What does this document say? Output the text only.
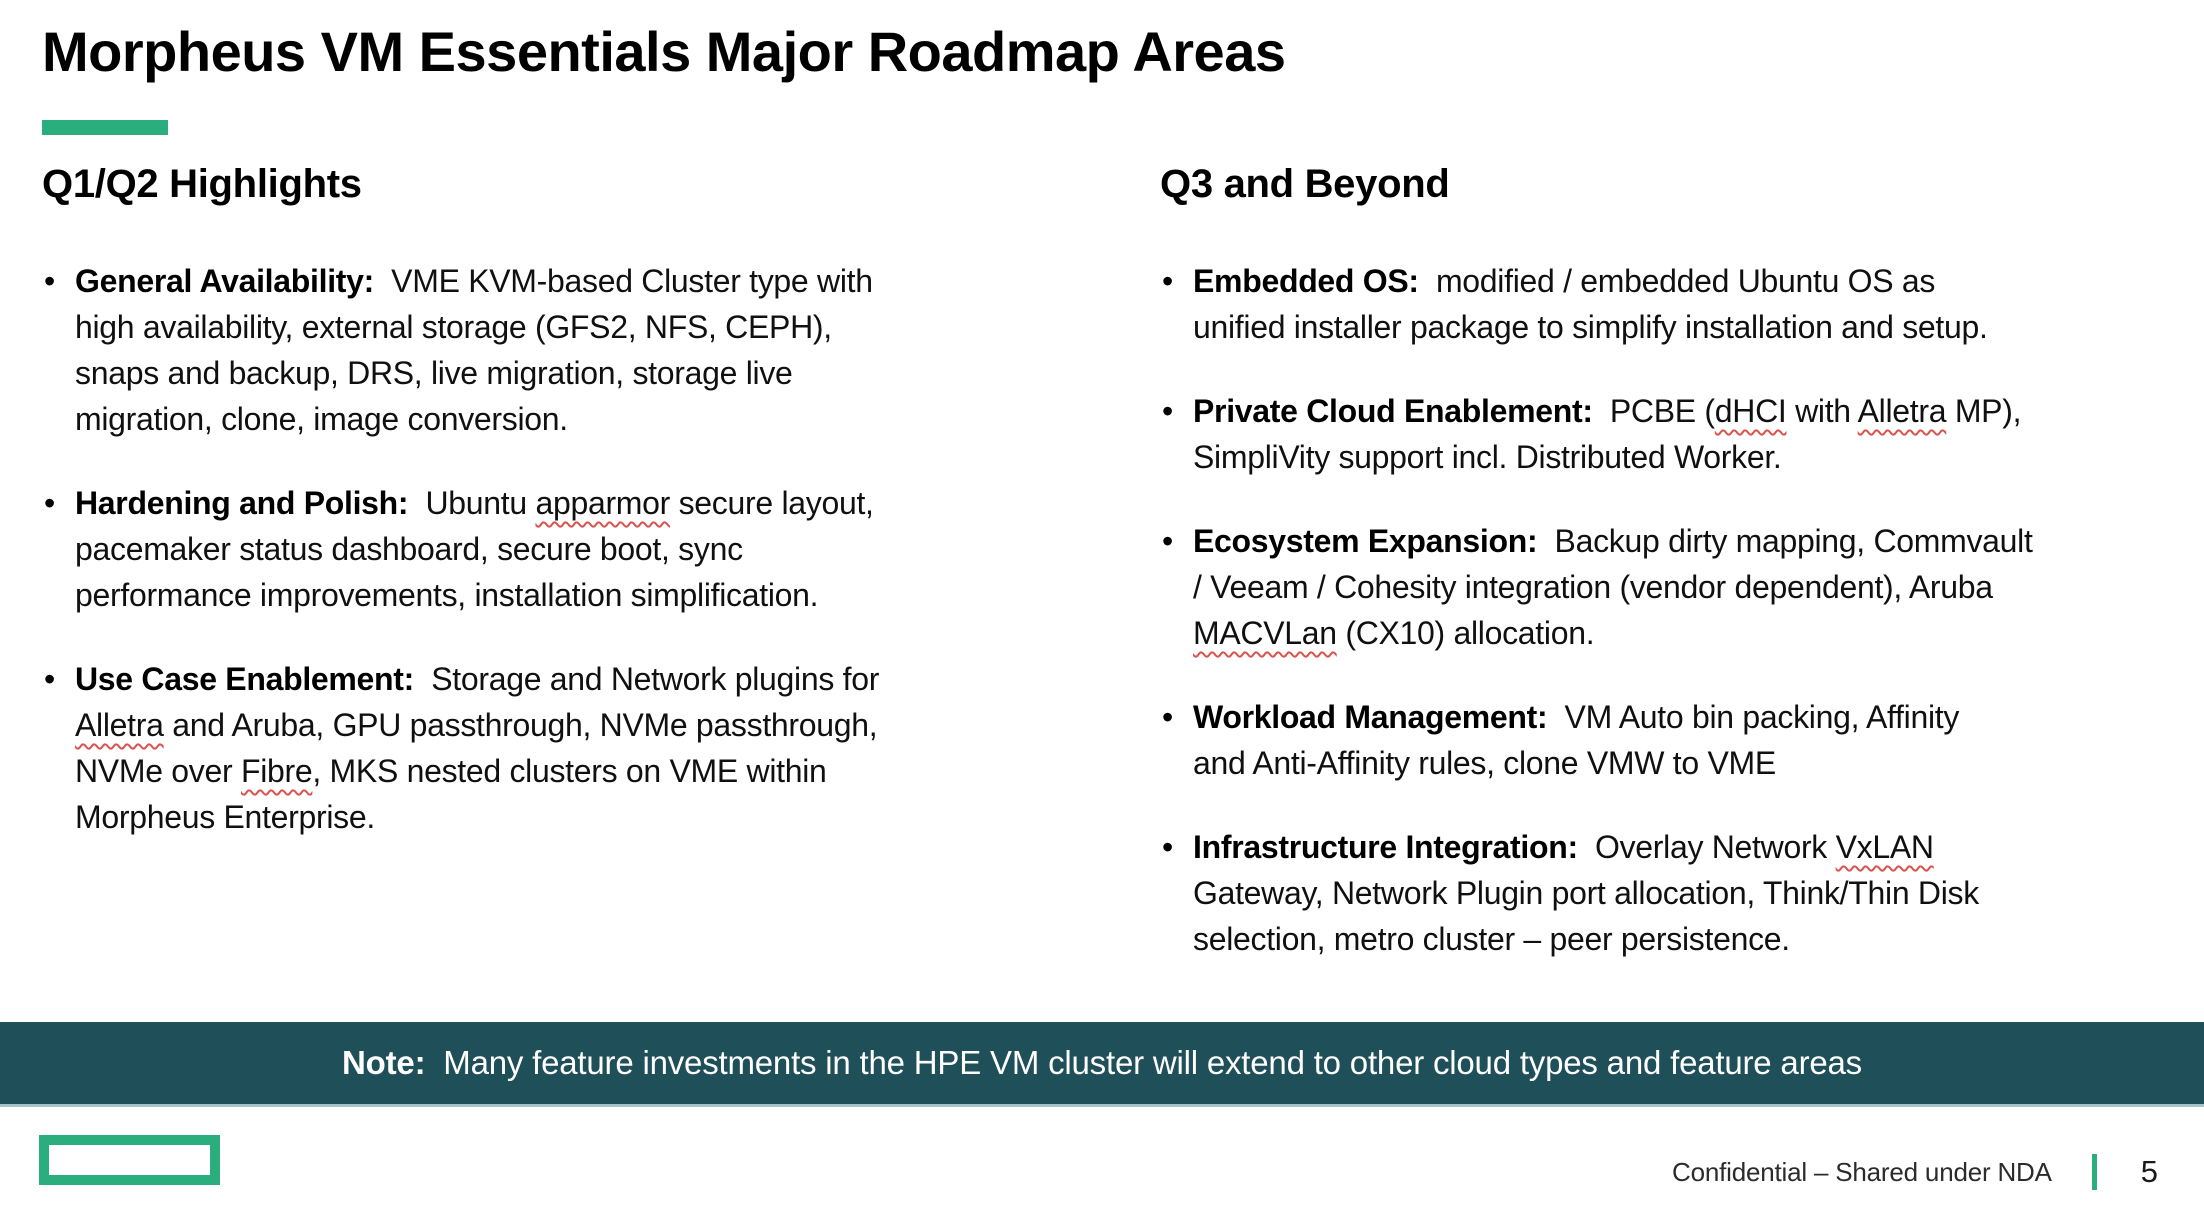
Morpheus VM Essentials Major Roadmap Areas
Q1/Q2 Highlights
• General Availability:  VME KVM-based Cluster type with
high availability, external storage (GFS2, NFS, CEPH),
snaps and backup, DRS, live migration, storage live
migration, clone, image conversion.
• Hardening and Polish:  Ubuntu apparmor secure layout,
pacemaker status dashboard, secure boot, sync
performance improvements, installation simplification.
• Use Case Enablement:  Storage and Network plugins for
Alletra and Aruba, GPU passthrough, NVMe passthrough,
NVMe over Fibre, MKS nested clusters on VME within
Morpheus Enterprise.
Q3 and Beyond
• Embedded OS:  modified / embedded Ubuntu OS as
unified installer package to simplify installation and setup.
• Private Cloud Enablement:  PCBE (dHCI with Alletra MP),
SimpliVity support incl. Distributed Worker.
• Ecosystem Expansion:  Backup dirty mapping, Commvault
/ Veeam / Cohesity integration (vendor dependent), Aruba
MACVLan (CX10) allocation.
• Workload Management:  VM Auto bin packing, Affinity
and Anti-Affinity rules, clone VMW to VME
• Infrastructure Integration:  Overlay Network VxLAN
Gateway, Network Plugin port allocation, Think/Thin Disk
selection, metro cluster – peer persistence.
Note:  Many feature investments in the HPE VM cluster will extend to other cloud types and feature areas
Confidential – Shared under NDA	5
